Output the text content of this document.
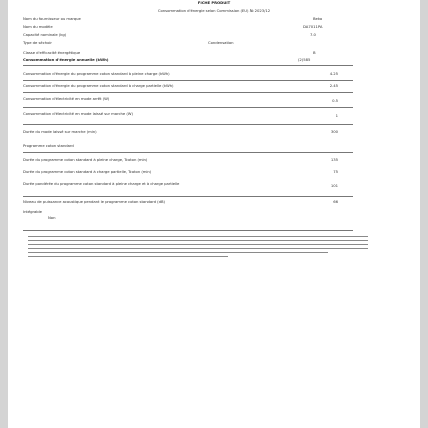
FICHE PRODUIT
Consommation d'énergie selon Commission (EU) № 2023/12
Nom du fournisseur ou marque	Beko
Nom du modèle	DA7011PA
Capacité nominale (kg)	7.0
Type de séchoir	Condensation
Classe d'efficacité énergétique	B
Consommation d'énergie annuelle (kWh)	(2)585
Consommation d'énergie du programme coton standard à pleine charge (kWh)	4.25
Consommation d'énergie du programme coton standard à charge partielle (kWh)	2.45
Consommation d'électricité en mode arrêt (W)	0.5
Consommation d'électricité en mode laissé sur marche (W)	1
Durée du mode laissé sur marche (min)	300
Programme coton standard
Durée du programme coton standard à pleine charge, Tcoton (min)	135
Durée du programme coton standard à charge partielle, Tcoton (min)	75
Durée pondérée du programme coton standard à pleine charge et à charge partielle	101
Niveau de puissance acoustique pendant le programme coton standard (dB)	66
Intégrable
Non
